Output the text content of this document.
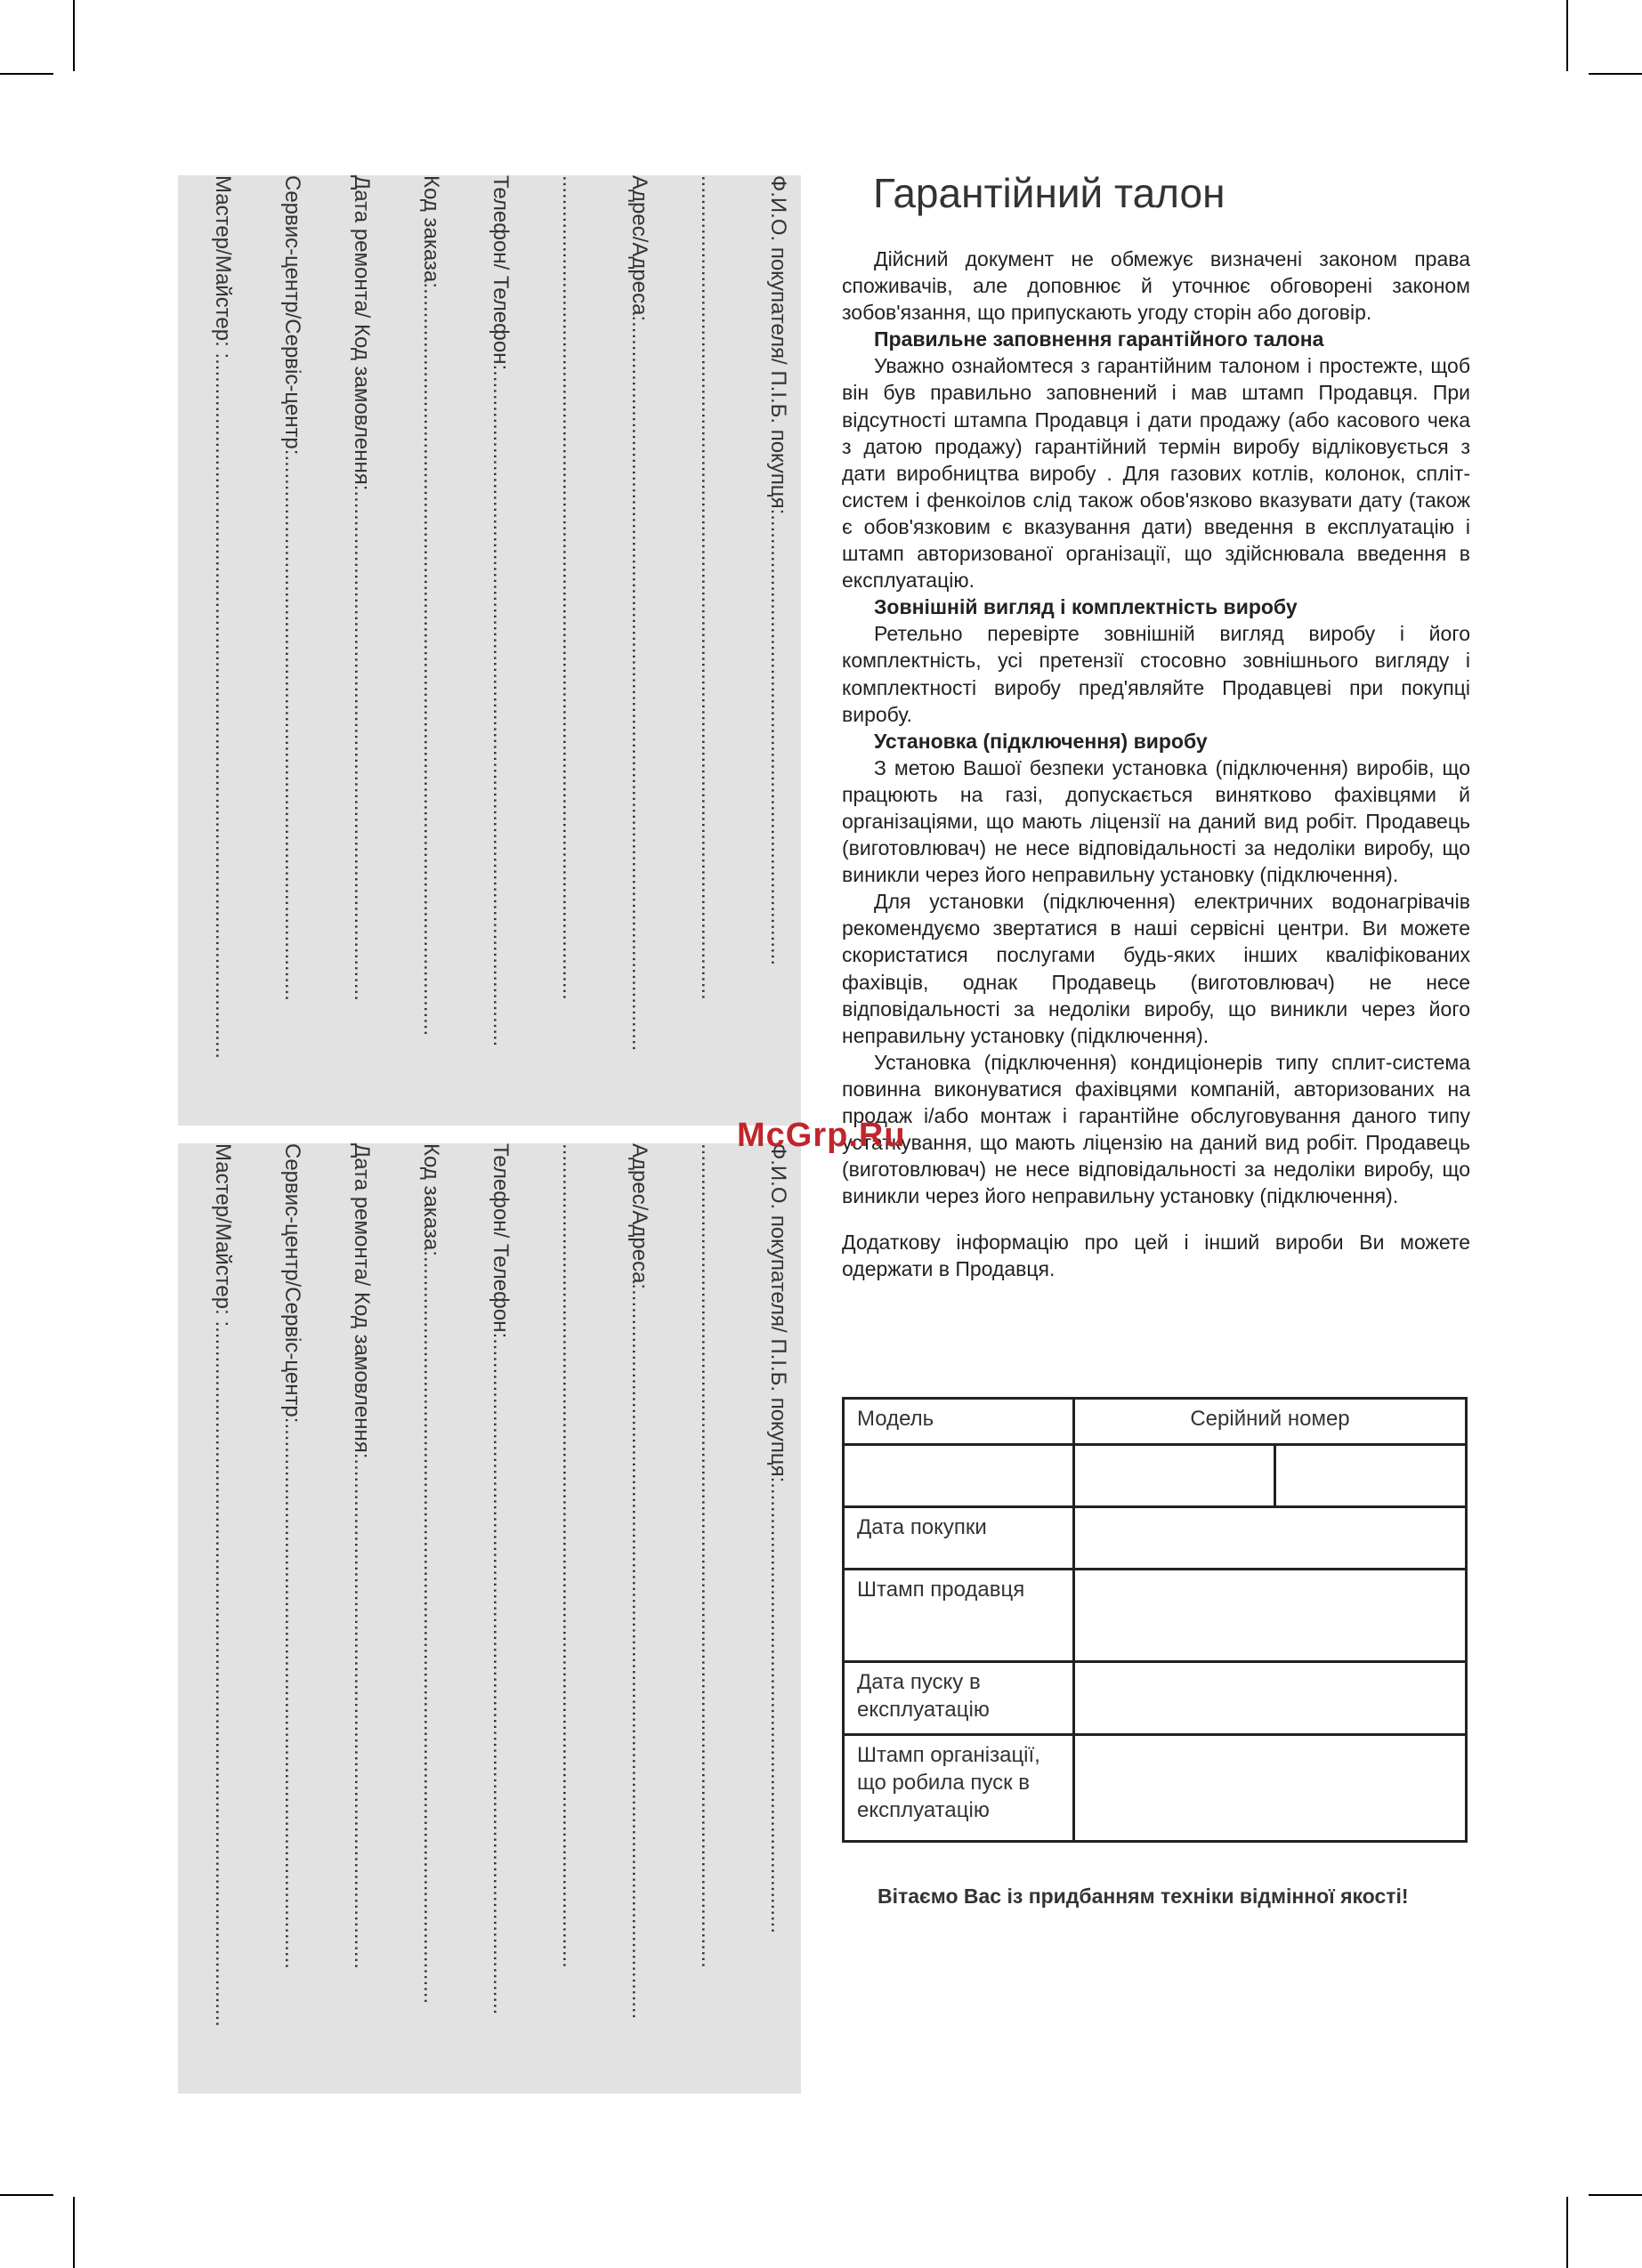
Ф.И.О. покупателя/ П.І.Б. покупця:............................................................................
...........................................................................................................................................
Адрес/Адреса:...........................................................................................................................
...........................................................................................................................................
Телефон/ Телефон:..................................................................................................................
Код заказа:..............................................................................................................................
Дата ремонта/ Код замовлення:......................................................................................
Сервис-центр/Сервіс-центр:............................................................................................
Мастер/Майстер: :......................................................................................................................
Ф.И.О. покупателя/ П.І.Б. покупця:............................................................................
...........................................................................................................................................
Адрес/Адреса:...........................................................................................................................
...........................................................................................................................................
Телефон/ Телефон:..................................................................................................................
Код заказа:..............................................................................................................................
Дата ремонта/ Код замовлення:......................................................................................
Сервис-центр/Сервіс-центр:............................................................................................
Мастер/Майстер: :......................................................................................................................
Гарантійний талон

Дійсний документ не обмежує визначені законом права споживачів, але доповнює й уточнює обговорені законом зобов'язання, що припускають угоду сторін або договір.

Правильне заповнення гарантійного талона

Уважно ознайомтеся з гарантійним талоном і простежте, щоб він був правильно заповнений і мав штамп Продавця. При відсутності штампа Продавця і дати продажу (або касового чека з датою продажу) гарантійний термін виробу відліковується з дати виробництва виробу . Для газових котлів, колонок, спліт-систем і фенкоілов слід також обов'язково вказувати дату (також є обов'язковим є вказування дати) введення в експлуатацію і штамп авторизованої організації, що здійснювала введення в експлуатацію.

Зовнішній вигляд і комплектність виробу

Ретельно перевірте зовнішній вигляд виробу і його комплектність, усі претензії стосовно зовнішнього вигляду і комплектності виробу пред'являйте Продавцеві при покупці виробу.

Установка (підключення) виробу

З метою Вашої безпеки установка (підключення) виробів, що працюють на газі, допускається винятково фахівцями й організаціями, що мають ліцензії на даний вид робіт. Продавець (виготовлювач) не несе відповідальності за недоліки виробу, що виникли через його неправильну установку (підключення).

Для установки (підключення) електричних водонагрівачів рекомендуємо звертатися в наші сервісні центри. Ви можете скористатися послугами будь-яких інших кваліфікованих фахівців, однак Продавець (виготовлювач) не несе відповідальності за недоліки виробу, що виникли через його неправильну установку (підключення).

Установка (підключення) кондиціонерів типу сплит-система повинна виконуватися фахівцями компаній, авторизованих на продаж і/або монтаж і гарантійне обслуговування даного типу устаткування, що мають ліцензію на даний вид робіт. Продавець (виготовлювач) не несе відповідальності за недоліки виробу, що виникли через його неправильну установку (підключення).

Додаткову інформацію про цей і інший вироби Ви можете одержати в Продавця.

Модель	Серійний номер	

Дата покупки		
Штамп продавця		
Дата пуску в експлуатацію		
Штамп організації, що робила пуск в експлуатацію		
Вітаємо Вас із придбанням техніки відмінної якості!
McGrp.Ru
